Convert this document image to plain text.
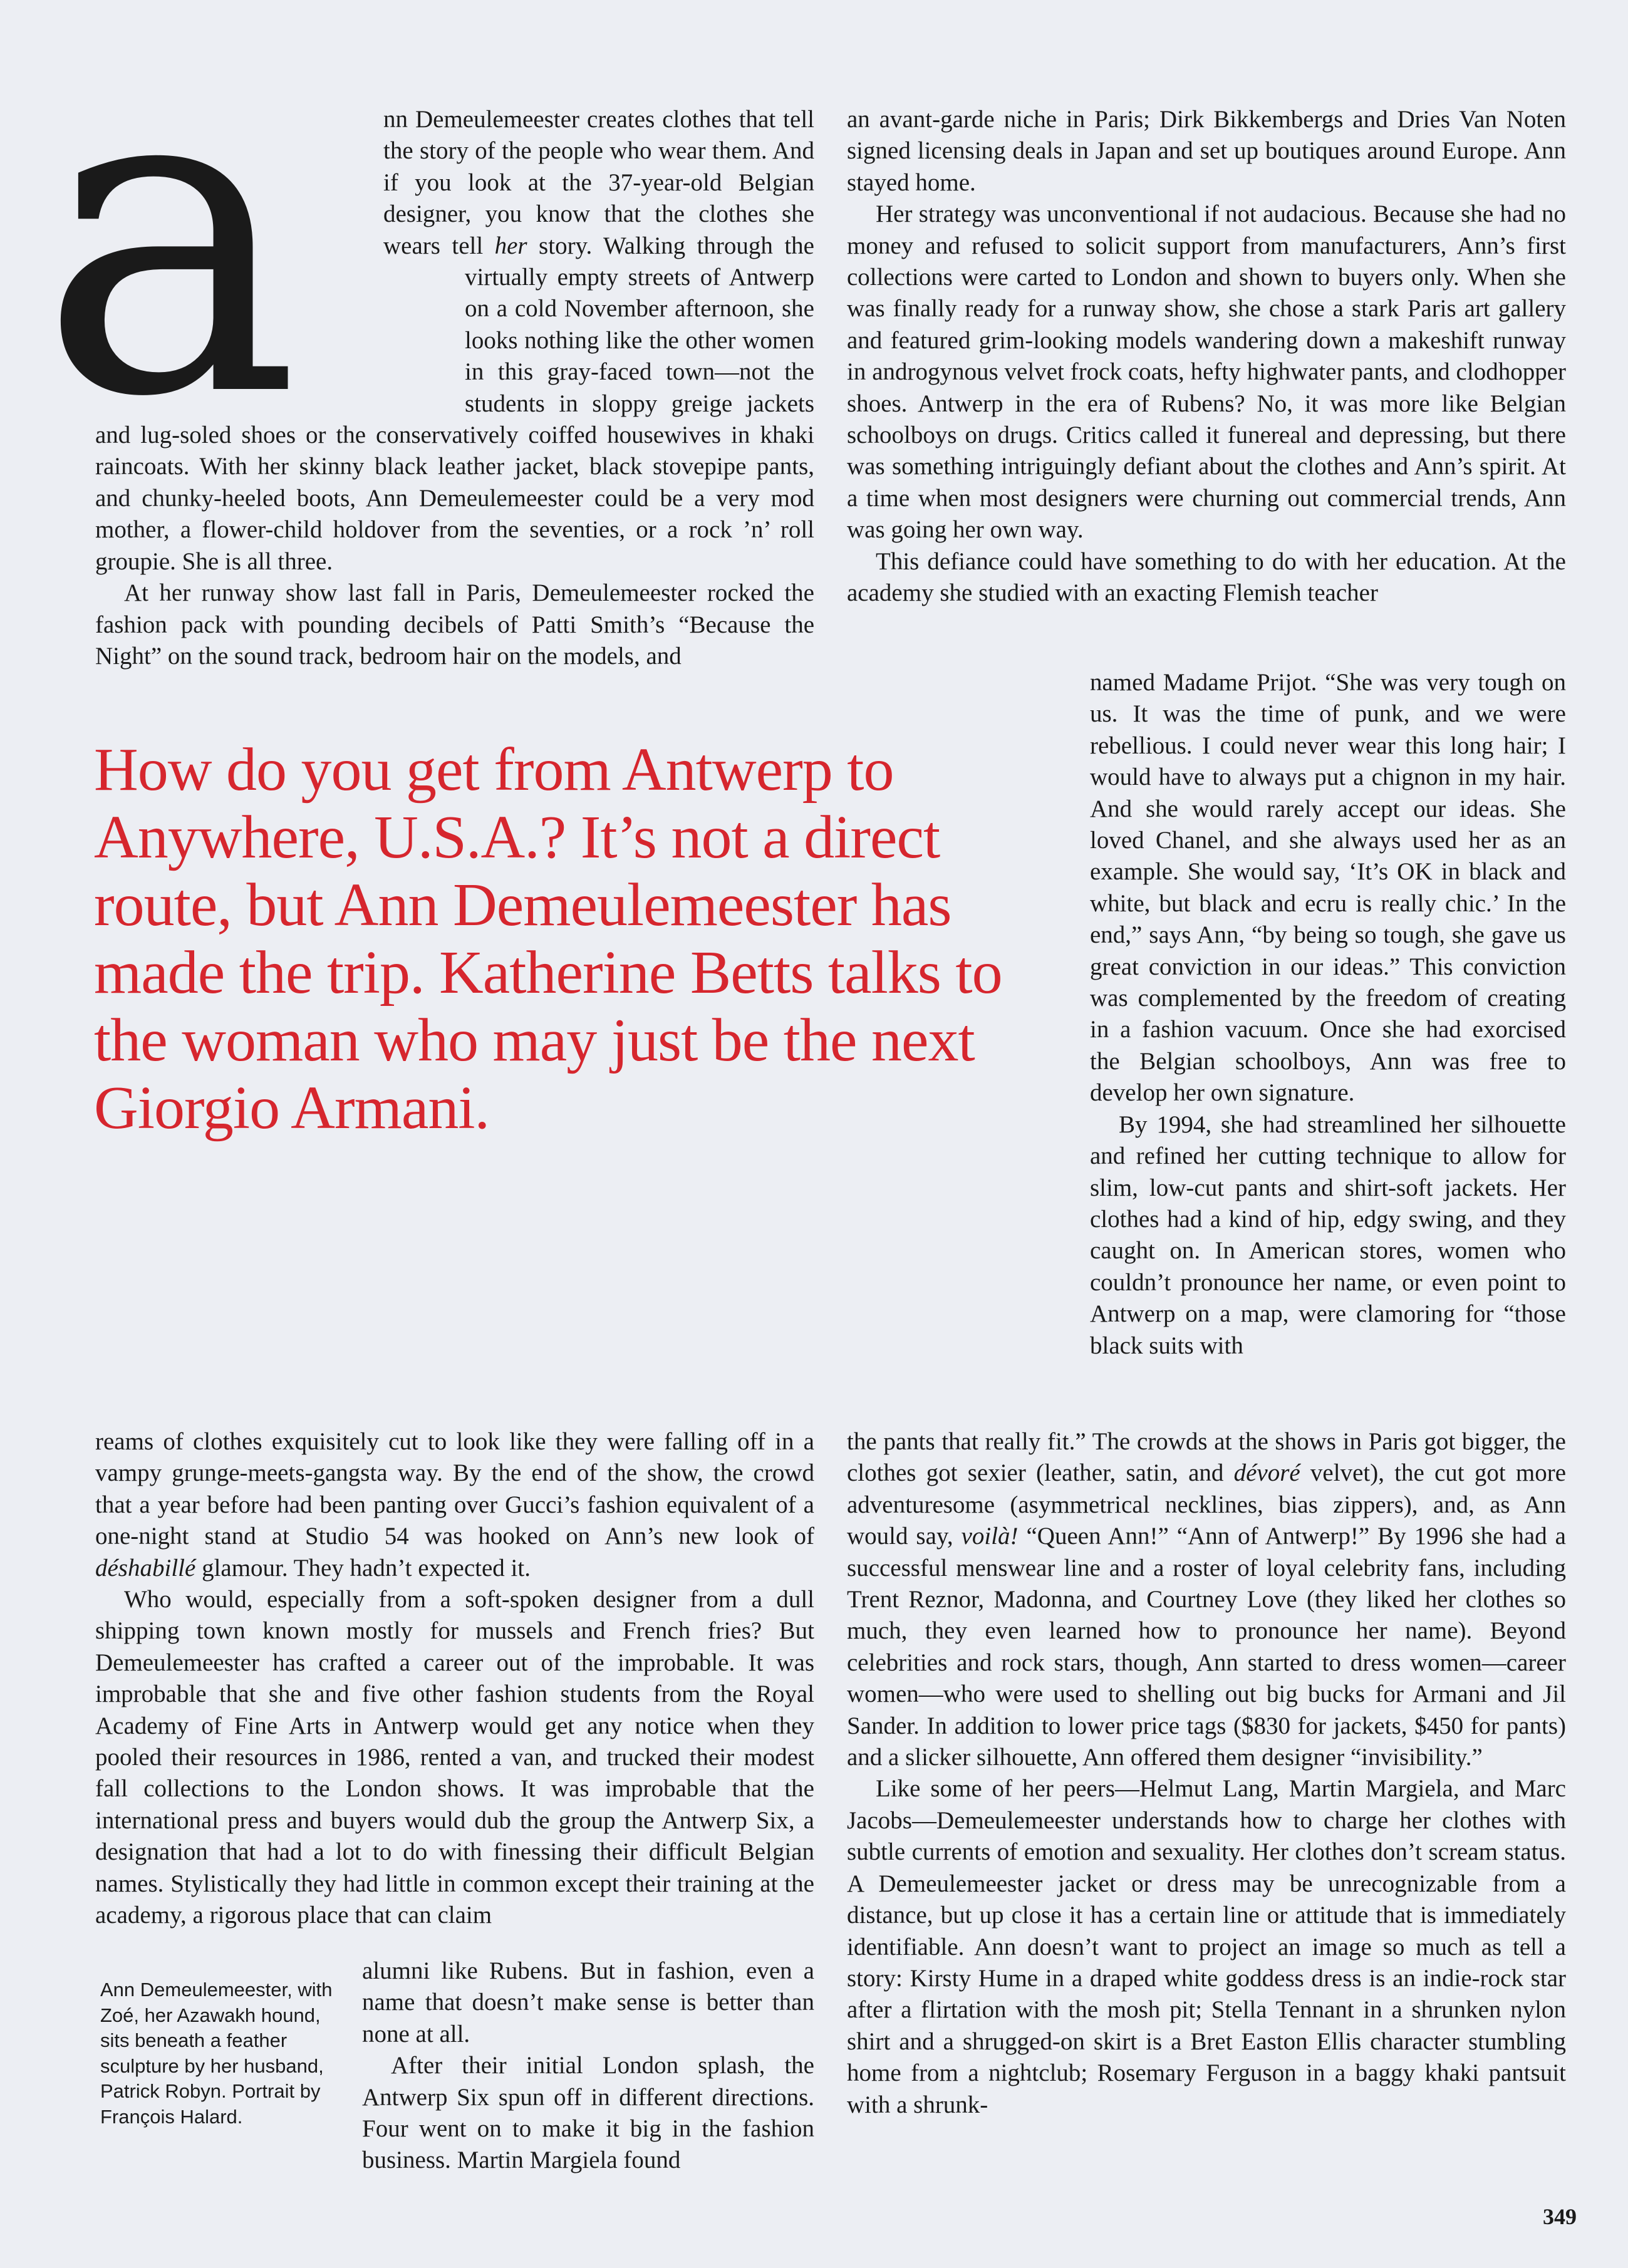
a	nn Demeulemeester creates clothes that tell the story of the people who wear them. And if you look at the 37-year-old Belgian designer, you know that the clothes she wears tell her story. Walking through the virtually empty streets of Antwerp on a cold November afternoon, she looks nothing like the other women in this gray-faced town—not the students in sloppy greige jackets and lug-soled shoes or the conservatively coiffed housewives in khaki raincoats. With her skinny black leather jacket, black stovepipe pants, and chunky-heeled boots, Ann Demeulemeester could be a very mod mother, a flower-child holdover from the seventies, or a rock ’n’ roll groupie. She is all three.

At her runway show last fall in Paris, Demeulemeester rocked the fashion pack with pounding decibels of Patti Smith’s “Because the Night” on the sound track, bedroom hair on the models, and

How do you get from Antwerp to Anywhere, U.S.A.? It’s not a direct route, but Ann Demeulemeester has made the trip. Katherine Betts talks to the woman who may just be the next Giorgio Armani.

reams of clothes exquisitely cut to look like they were falling off in a vampy grunge-meets-gangsta way. By the end of the show, the crowd that a year before had been panting over Gucci’s fashion equivalent of a one-night stand at Studio 54 was hooked on Ann’s new look of déshabillé glamour. They hadn’t expected it.

Who would, especially from a soft-spoken designer from a dull shipping town known mostly for mussels and French fries? But Demeulemeester has crafted a career out of the improbable. It was improbable that she and five other fashion students from the Royal Academy of Fine Arts in Antwerp would get any notice when they pooled their resources in 1986, rented a van, and trucked their modest fall collections to the London shows. It was improbable that the international press and buyers would dub the group the Antwerp Six, a designation that had a lot to do with finessing their difficult Belgian names. Stylistically they had little in common except their training at the academy, a rigorous place that can claim

alumni like Rubens. But in fashion, even a name that doesn’t make sense is better than none at all.

After their initial London splash, the Antwerp Six spun off in different directions. Four went on to make it big in the fashion business. Martin Margiela found

Ann Demeulemeester, with Zoé, her Azawakh hound, sits beneath a feather sculpture by her husband, Patrick Robyn. Portrait by François Halard.

an avant-garde niche in Paris; Dirk Bikkembergs and Dries Van Noten signed licensing deals in Japan and set up boutiques around Europe. Ann stayed home.

Her strategy was unconventional if not audacious. Because she had no money and refused to solicit support from manufacturers, Ann’s first collections were carted to London and shown to buyers only. When she was finally ready for a runway show, she chose a stark Paris art gallery and featured grim-looking models wandering down a makeshift runway in androgynous velvet frock coats, hefty highwater pants, and clodhopper shoes. Antwerp in the era of Rubens? No, it was more like Belgian schoolboys on drugs. Critics called it funereal and depressing, but there was something intriguingly defiant about the clothes and Ann’s spirit. At a time when most designers were churning out commercial trends, Ann was going her own way.

This defiance could have something to do with her education. At the academy she studied with an exacting Flemish teacher

named Madame Prijot. “She was very tough on us. It was the time of punk, and we were rebellious. I could never wear this long hair; I would have to always put a chignon in my hair. And she would rarely accept our ideas. She loved Chanel, and she always used her as an example. She would say, ‘It’s OK in black and white, but black and ecru is really chic.’ In the end,” says Ann, “by being so tough, she gave us great conviction in our ideas.” This conviction was complemented by the freedom of creating in a fashion vacuum. Once she had exorcised the Belgian schoolboys, Ann was free to develop her own signature.

By 1994, she had streamlined her silhouette and refined her cutting technique to allow for slim, low-cut pants and shirt-soft jackets. Her clothes had a kind of hip, edgy swing, and they caught on. In American stores, women who couldn’t pronounce her name, or even point to Antwerp on a map, were clamoring for “those black suits with

the pants that really fit.” The crowds at the shows in Paris got bigger, the clothes got sexier (leather, satin, and dévoré velvet), the cut got more adventuresome (asymmetrical necklines, bias zippers), and, as Ann would say, voilà! “Queen Ann!” “Ann of Antwerp!” By 1996 she had a successful menswear line and a roster of loyal celebrity fans, including Trent Reznor, Madonna, and Courtney Love (they liked her clothes so much, they even learned how to pronounce her name). Beyond celebrities and rock stars, though, Ann started to dress women—career women—who were used to shelling out big bucks for Armani and Jil Sander. In addition to lower price tags ($830 for jackets, $450 for pants) and a slicker silhouette, Ann offered them designer “invisibility.”

Like some of her peers—Helmut Lang, Martin Margiela, and Marc Jacobs—Demeulemeester understands how to charge her clothes with subtle currents of emotion and sexuality. Her clothes don’t scream status. A Demeulemeester jacket or dress may be unrecognizable from a distance, but up close it has a certain line or attitude that is immediately identifiable. Ann doesn’t want to project an image so much as tell a story: Kirsty Hume in a draped white goddess dress is an indie-rock star after a flirtation with the mosh pit; Stella Tennant in a shrunken nylon shirt and a shrugged-on skirt is a Bret Easton Ellis character stumbling home from a nightclub; Rosemary Ferguson in a baggy khaki pantsuit with a shrunk-

349
